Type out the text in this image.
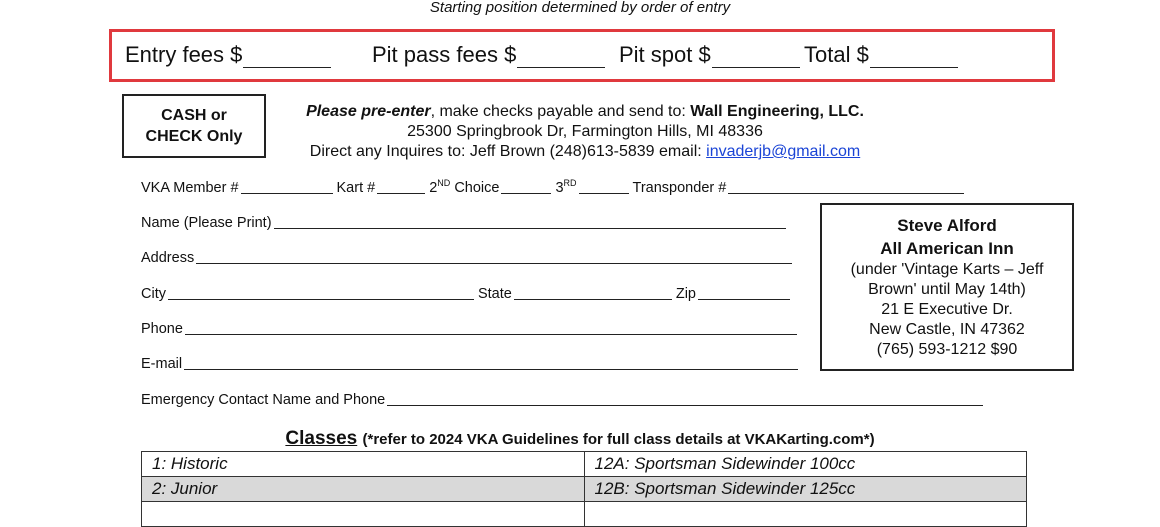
Starting position determined by order of entry
Entry fees $	Pit pass fees $	Pit spot $	Total $
CASH or
CHECK Only
Please pre-enter, make checks payable and send to: Wall Engineering, LLC.
25300 Springbrook Dr, Farmington Hills, MI 48336
Direct any Inquires to: Jeff Brown (248)613-5839 email: invaderjb@gmail.com
VKA Member #	Kart #	2ND Choice	3RD	Transponder #
Name (Please Print)
Address
City	State	Zip
Phone
E-mail
Emergency Contact Name and Phone
Steve Alford
All American Inn
(under 'Vintage Karts – Jeff
Brown' until May 14th)
21 E Executive Dr.
New Castle, IN 47362
(765) 593-1212 $90
Classes (*refer to 2024 VKA Guidelines for full class details at VKAKarting.com*)
1: Historic	12A: Sportsman Sidewinder 100cc
2: Junior	12B: Sportsman Sidewinder 125cc
